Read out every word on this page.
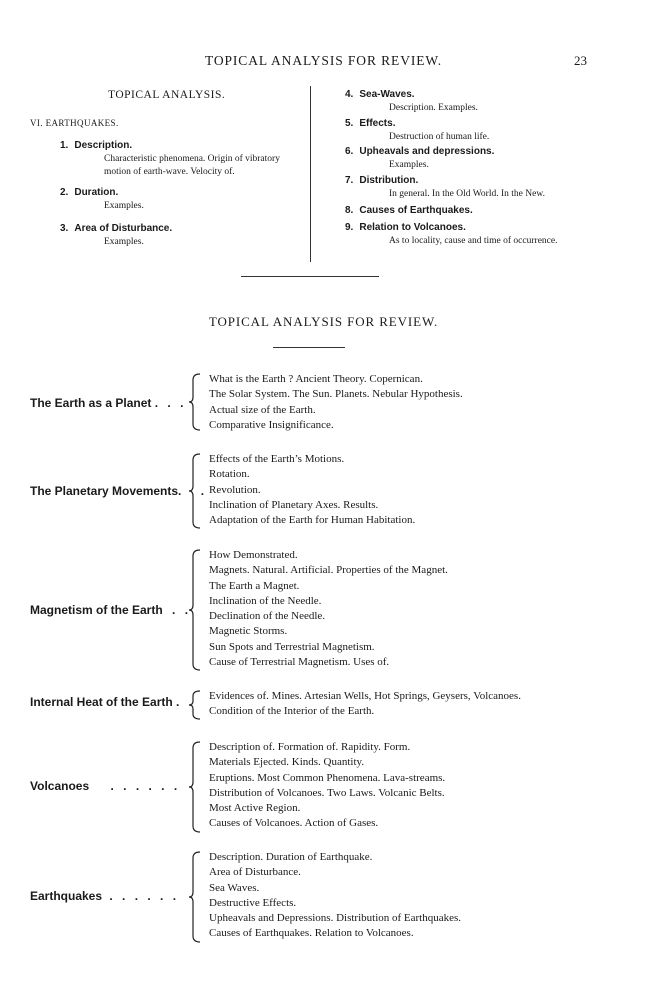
TOPICAL ANALYSIS FOR REVIEW.	23
TOPICAL ANALYSIS.
VI. EARTHQUAKES.
1. Description.
Characteristic phenomena. Origin of vibratory
motion of earth-wave. Velocity of.
2. Duration.
Examples.
3. Area of Disturbance.
Examples.
4. Sea-Waves.
Description. Examples.
5. Effects.
Destruction of human life.
6. Upheavals and depressions.
Examples.
7. Distribution.
In general. In the Old World. In the New.
8. Causes of Earthquakes.
9. Relation to Volcanoes.
As to locality, cause and time of occurrence.
TOPICAL ANALYSIS FOR REVIEW.
The Earth as a Planet . . .
What is the Earth ? Ancient Theory. Copernican.
The Solar System. The Sun. Planets. Nebular Hypothesis.
Actual size of the Earth.
Comparative Insignificance.
The Planetary Movements. .
Effects of the Earth’s Motions.
Rotation.
Revolution.
Inclination of Planetary Axes. Results.
Adaptation of the Earth for Human Habitation.
Magnetism of the Earth . .
How Demonstrated.
Magnets. Natural. Artificial. Properties of the Magnet.
The Earth a Magnet.
Inclination of the Needle.
Declination of the Needle.
Magnetic Storms.
Sun Spots and Terrestrial Magnetism.
Cause of Terrestrial Magnetism. Uses of.
Internal Heat of the Earth . Evidences of. Mines. Artesian Wells, Hot Springs, Geysers, Volcanoes.
Condition of the Interior of the Earth.
Volcanoes . . . . . .
Description of. Formation of. Rapidity. Form.
Materials Ejected. Kinds. Quantity.
Eruptions. Most Common Phenomena. Lava-streams.
Distribution of Volcanoes. Two Laws. Volcanic Belts.
Most Active Region.
Causes of Volcanoes. Action of Gases.
Earthquakes . . . . . .
Description. Duration of Earthquake.
Area of Disturbance.
Sea Waves.
Destructive Effects.
Upheavals and Depressions. Distribution of Earthquakes.
Causes of Earthquakes. Relation to Volcanoes.
